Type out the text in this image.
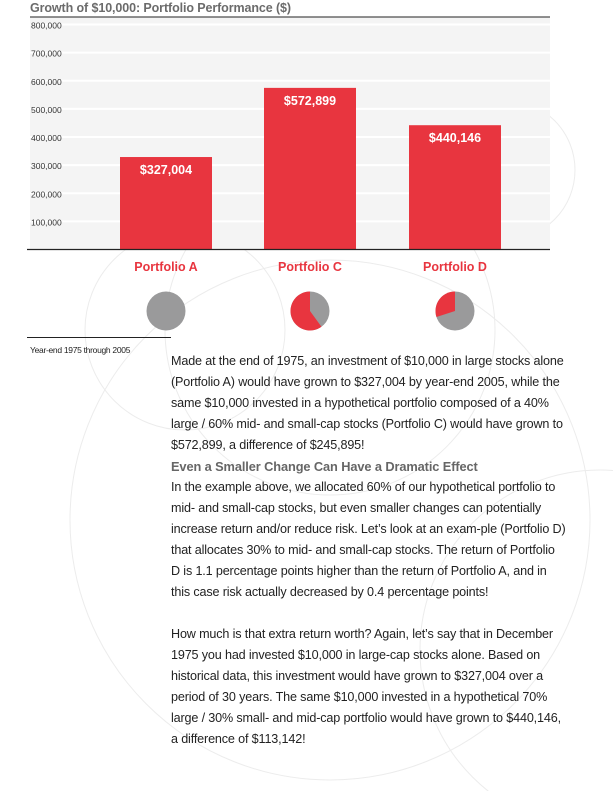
Growth of $10,000: Portfolio Performance ($)
100,000
200,000
300,000
400,000
500,000
600,000
700,000
800,000
$327,004
Portfolio A
$572,899
Portfolio C
$440,146
Portfolio D
Year-end 1975 through 2005

Made at the end of 1975, an investment of $10,000 in large stocks alone (Portfolio A) would have grown to $327,004 by year-end 2005, while the same $10,000 invested in a hypothetical portfolio composed of a 40% large / 60% mid- and small-cap stocks (Portfolio C) would have grown to $572,899, a difference of $245,895!

Even a Smaller Change Can Have a Dramatic Effect

In the example above, we allocated 60% of our hypothetical portfolio to mid- and small-cap stocks, but even smaller changes can potentially increase return and/or reduce risk. Let’s look at an exam-ple (Portfolio D) that allocates 30% to mid- and small-cap stocks. The return of Portfolio D is 1.1 percentage points higher than the return of Portfolio A, and in this case risk actually decreased by 0.4 percentage points!

How much is that extra return worth? Again, let’s say that in December 1975 you had invested $10,000 in large-cap stocks alone. Based on historical data, this investment would have grown to $327,004 over a period of 30 years. The same $10,000 invested in a hypothetical 70% large / 30% small- and mid-cap portfolio would have grown to $440,146, a difference of $113,142!
